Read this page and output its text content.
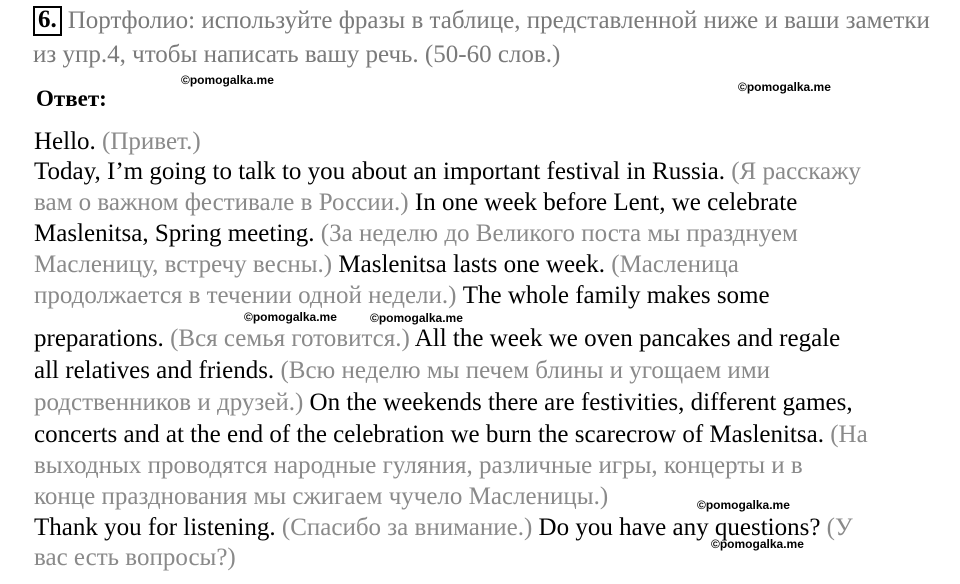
6. Портфолио: используйте фразы в таблице, представленной ниже и ваши заметки из упр.4, чтобы написать вашу речь. (50-60 слов.)
Ответ:
Hello. (Привет.)
Today, I’m going to talk to you about an important festival in Russia. (Я расскажу
вам о важном фестивале в России.) In one week before Lent, we celebrate
Maslenitsa, Spring meeting. (За неделю до Великого поста мы празднуем
Масленицу, встречу весны.) Maslenitsa lasts one week. (Масленица
продолжается в течении одной недели.) The whole family makes some
preparations. (Вся семья готовится.) All the week we oven pancakes and regale
all relatives and friends. (Всю неделю мы печем блины и угощаем ими
родственников и друзей.) On the weekends there are festivities, different games,
concerts and at the end of the celebration we burn the scarecrow of Maslenitsa. (На
выходных проводятся народные гуляния, различные игры, концерты и в
конце празднования мы сжигаем чучело Масленицы.)
Thank you for listening. (Спасибо за внимание.) Do you have any questions? (У
вас есть вопросы?)
©pomogalka.me	©pomogalka.me
©pomogalka.me	©pomogalka.me
©pomogalka.me
©pomogalka.me
